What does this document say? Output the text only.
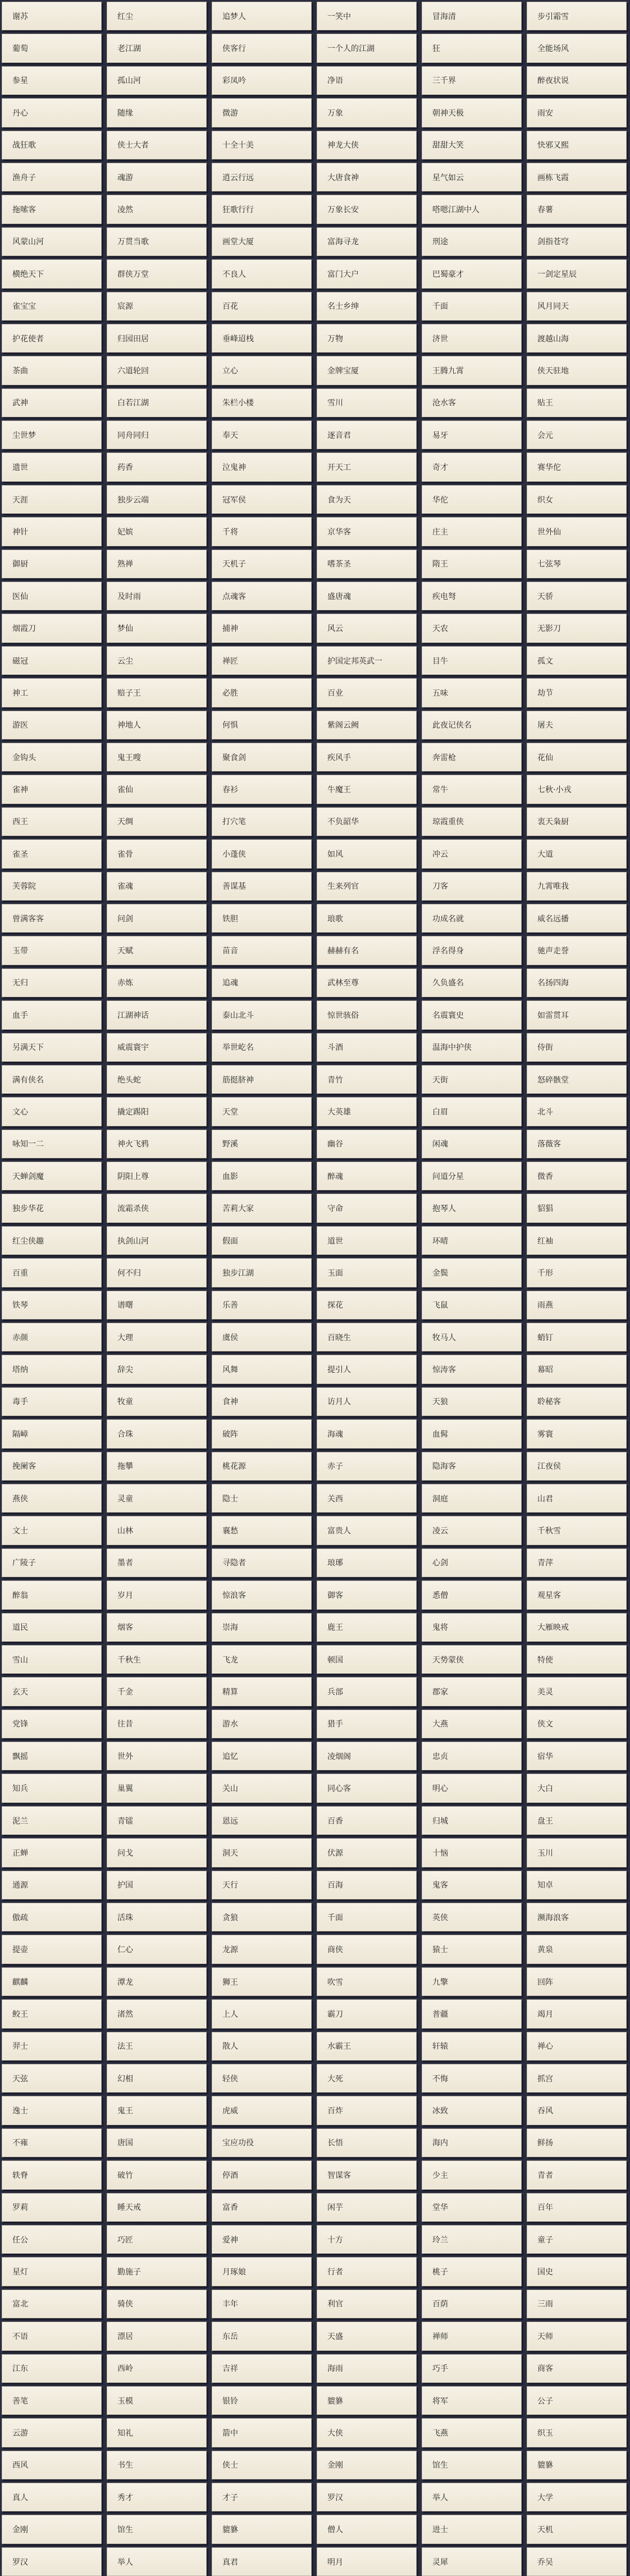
谢苏	红尘	追梦人	一笑中	冒海清	步引霜雪
葡萄	老江湖	侠客行	一个人的江湖	狂	全能场风
参星	孤山河	彩凤吟	净语	三千界	醉夜状说
丹心	随缘	微游	万象	朝神天极	雨安
战狂歌	侠士大者	十全十美	神龙大侠	甜甜大笑	快邪又熙
渔舟子	魂游	逍云行远	大唐食神	星气如云	画栋飞霞
拖嗦客	凌然	狂歌行行	万象长安	嗒嗯江湖中人	春薯
风蒙山河	万贯当歌	画堂大厦	富海寻龙	刑途	剑指苍穹
横绝天下	群侠万堂	不良人	富门大户	巴蜀豪才	一剑定星辰
雀宝宝	宸源	百花	名士乡绅	千面	风月同天
护花使者	归园田居	垂峰迢栈	万物	济世	渡越山海
茶曲	六道轮回	立心	金牌宝厦	王腾九霄	侠天驻地
武神	白若江湖	朱栏小楼	雪川	沧水客	贴王
尘世梦	同舟同归	奉天	逐音君	易牙	会元
遗世	药香	泣鬼神	开天工	奇才	赛华佗
天涯	独步云端	冠军侯	食为天	华佗	织女
神针	妃嫔	千将	京华客	庄主	世外仙
御厨	熟禅	天机子	嗜茶圣	隋王	七弦琴
医仙	及时雨	点魂客	盛唐魂	疾电弩	天骄
烟霞刀	梦仙	捕神	风云	天农	无影刀
磁冠	云尘	禅匠	护国定邦英武一	目牛	孤文
神工	赔子王	必胜	百业	五味	劫节
游医	神地人	何惧	紫阁云阙	此夜记侠名	屠夫
金钩头	鬼王嗖	聚食剑	疾风手	奔雷枪	花仙
雀神	雀仙	春衫	牛魔王	常牛	七秋·小戎
西王	天绸	打穴笔	不负韶华	琼霞重侠	衷天枭厨
雀圣	雀骨	小蓬侠	如风	冲云	大道
芙蓉院	雀魂	善谋基	生来列官	刀客	九霄唯我
曾满客客	问剑	铁胆	琅歌	功成名就	威名远播
玉带	天赋	苗音	赫赫有名	浮名得身	驰声走誉
无归	赤炼	追魂	武林至尊	久负盛名	名扬四海
血手	江湖神话	泰山北斗	惊世骇俗	名震寰史	如雷贯耳
另满天下	威震寰宇	举世屹名	斗酒	温海中护侠	侍街
满有侠名	绝头蛇	筋挺脐神	青竹	天街	怒碎骸堂
文心	撬定踢阳	天堂	大英雄	白眉	北斗
咏知一二	神火飞鸦	野溪	幽谷	闲魂	落薇客
天蝉剑魔	阴阳上尊	血影	醉魂	问道分星	微香
独步华花	流霜杀侠	苦莉大家	守命	抱琴人	貂猖
红尘侠趣	执剑山河	假面	道世	环晴	红袖
百重	何不归	独步江湖	玉面	金鬓	千形
铁琴	谱曙	乐善	探花	飞鼠	雨燕
赤颜	大理	虞侯	百晓生	牧马人	蛸钉
塔纳	辞尖	风舞	提引人	惊涛客	幕昭
毒手	牧童	食神	访月人	天狼	聆秘客
隔嶂	合珠	破阵	海魂	血髯	雾寰
挽阑客	拖攀	桃花源	赤子	隐海客	江夜侯
燕侠	灵童	隐士	关西	洞庭	山君
文士	山林	襄愁	富贵人	凌云	千秋雪
广陵子	墨者	寻隐者	琅琊	心剑	青萍
醉翁	岁月	惊浪客	御客	悉僧	观星客
道民	烟客	崇海	鹿王	鬼将	大雁映戒
雪山	千秋生	飞龙	顿国	天势蒙侠	特使
玄天	千金	精算	兵部	郡家	美灵
党锋	往昔	游水	猎手	大燕	侠文
飘摇	世外	追忆	凌烟阁	忠贞	宿华
知兵	巢翼	关山	同心客	明心	大白
泥兰	青镭	恩远	百香	归城	盘王
正蝉	问戈	洞天	伏源	十恼	玉川
通源	护国	天行	百海	鬼客	知卓
傲疏	活珠	贪狼	千面	英侠	濒海浪客
提壶	仁心	龙源	商侠	猿士	黄泉
麒麟	潭龙	狮王	吹雪	九擎	回阵
鲛王	渚然	上人	霸刀	普疆	竭月
羿士	法王	散人	水霸王	轩辕	禅心
天弦	幻相	轻侠	大死	不悔	抓宫
逸士	鬼王	虎威	百炸	冰致	吞风
不雍	唐国	宝应功役	长悟	海内	鲜扬
轶脊	破竹	停酒	智谋客	少主	青者
罗莉	睡天戒	富香	闲芋	堂华	百年
任公	巧匠	爱神	十方	玲兰	童子
星灯	勤施子	月琢娘	行者	桃子	国史
富北	骑侠	丰年	利官	百荫	三雨
不语	漂居	东岳	天盛	禅师	天师
江东	西岭	吉祥	海雨	巧手	商客
善笔	玉模	银铃	貔貅	将军	公子
云游	知礼	箭中	大侠	飞燕	织玉
西风	书生	侠士	金刚	馆生	貔貅
真人	秀才	才子	罗汉	举人	大学
金刚	馆生	貔貅	僧人	进士	天机
罗汉	举人	真君	明月	灵犀	乔吴
